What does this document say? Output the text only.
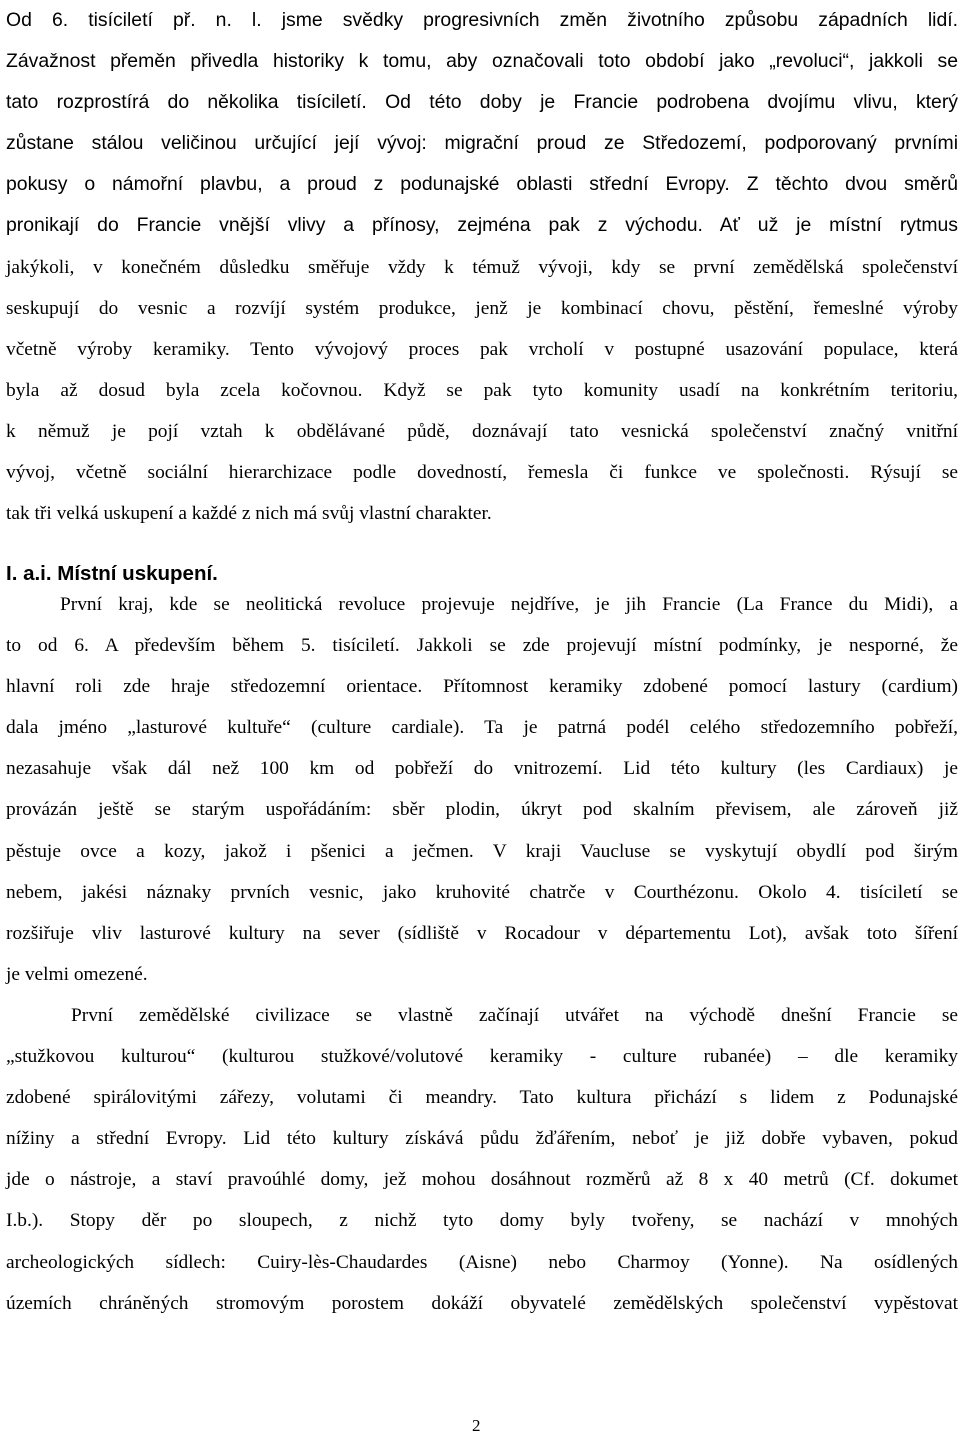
Od 6. tisíciletí př. n. l. jsme svědky progresivních změn životního způsobu západních lidí.
Závažnost přeměn přivedla historiky k tomu, aby označovali toto období jako „revoluci“, jakkoli se
tato rozprostírá do několika tisíciletí. Od této doby je Francie podrobena dvojímu vlivu, který
zůstane stálou veličinou určující její vývoj: migrační proud ze Středozemí, podporovaný prvními
pokusy o námořní plavbu, a proud z podunajské oblasti střední Evropy. Z těchto dvou směrů
pronikají do Francie vnější vlivy a přínosy, zejména pak z východu. Ať už je místní rytmus
jakýkoli, v konečném důsledku směřuje vždy k témuž vývoji, kdy se první zemědělská společenství
seskupují do vesnic a rozvíjí systém produkce, jenž je kombinací chovu, pěstění, řemeslné výroby
včetně výroby keramiky. Tento vývojový proces pak vrcholí v postupné usazování populace, která
byla až dosud byla zcela kočovnou. Když se pak tyto komunity usadí na konkrétním teritoriu,
k němuž je pojí vztah k obdělávané půdě, doznávají tato vesnická společenství značný vnitřní
vývoj, včetně sociální hierarchizace podle dovedností, řemesla či funkce ve společnosti. Rýsují se
tak tři velká uskupení a každé z nich má svůj vlastní charakter.
I. a.i. Místní uskupení.
První kraj, kde se neolitická revoluce projevuje nejdříve, je jih Francie (La France du Midi), a
to od 6. A především během 5. tisíciletí. Jakkoli se zde projevují místní podmínky, je nesporné, že
hlavní roli zde hraje středozemní orientace. Přítomnost keramiky zdobené pomocí lastury (cardium)
dala jméno „lasturové kultuře“ (culture cardiale). Ta je patrná podél celého středozemního pobřeží,
nezasahuje však dál než 100 km od pobřeží do vnitrozemí. Lid této kultury (les Cardiaux) je
provázán ještě se starým uspořádáním: sběr plodin, úkryt pod skalním převisem, ale zároveň již
pěstuje ovce a kozy, jakož i pšenici a ječmen. V kraji Vaucluse se vyskytují obydlí pod širým
nebem, jakési náznaky prvních vesnic, jako kruhovité chatrče v Courthézonu. Okolo 4. tisíciletí se
rozšiřuje vliv lasturové kultury na sever (sídliště v Rocadour v départementu Lot), avšak toto šíření
je velmi omezené.
První zemědělské civilizace se vlastně začínají utvářet na východě dnešní Francie se
„stužkovou kulturou“ (kulturou stužkové/volutové keramiky - culture rubanée) – dle keramiky
zdobené spirálovitými zářezy, volutami či meandry. Tato kultura přichází s lidem z Podunajské
nížiny a střední Evropy. Lid této kultury získává půdu žďářením, neboť je již dobře vybaven, pokud
jde o nástroje, a staví pravoúhlé domy, jež mohou dosáhnout rozměrů až 8 x 40 metrů (Cf. dokumet
I.b.). Stopy děr po sloupech, z nichž tyto domy byly tvořeny, se nachází v mnohých
archeologických sídlech: Cuiry-lès-Chaudardes (Aisne) nebo Charmoy (Yonne). Na osídlených
územích chráněných stromovým porostem dokáží obyvatelé zemědělských společenství vypěstovat
2
